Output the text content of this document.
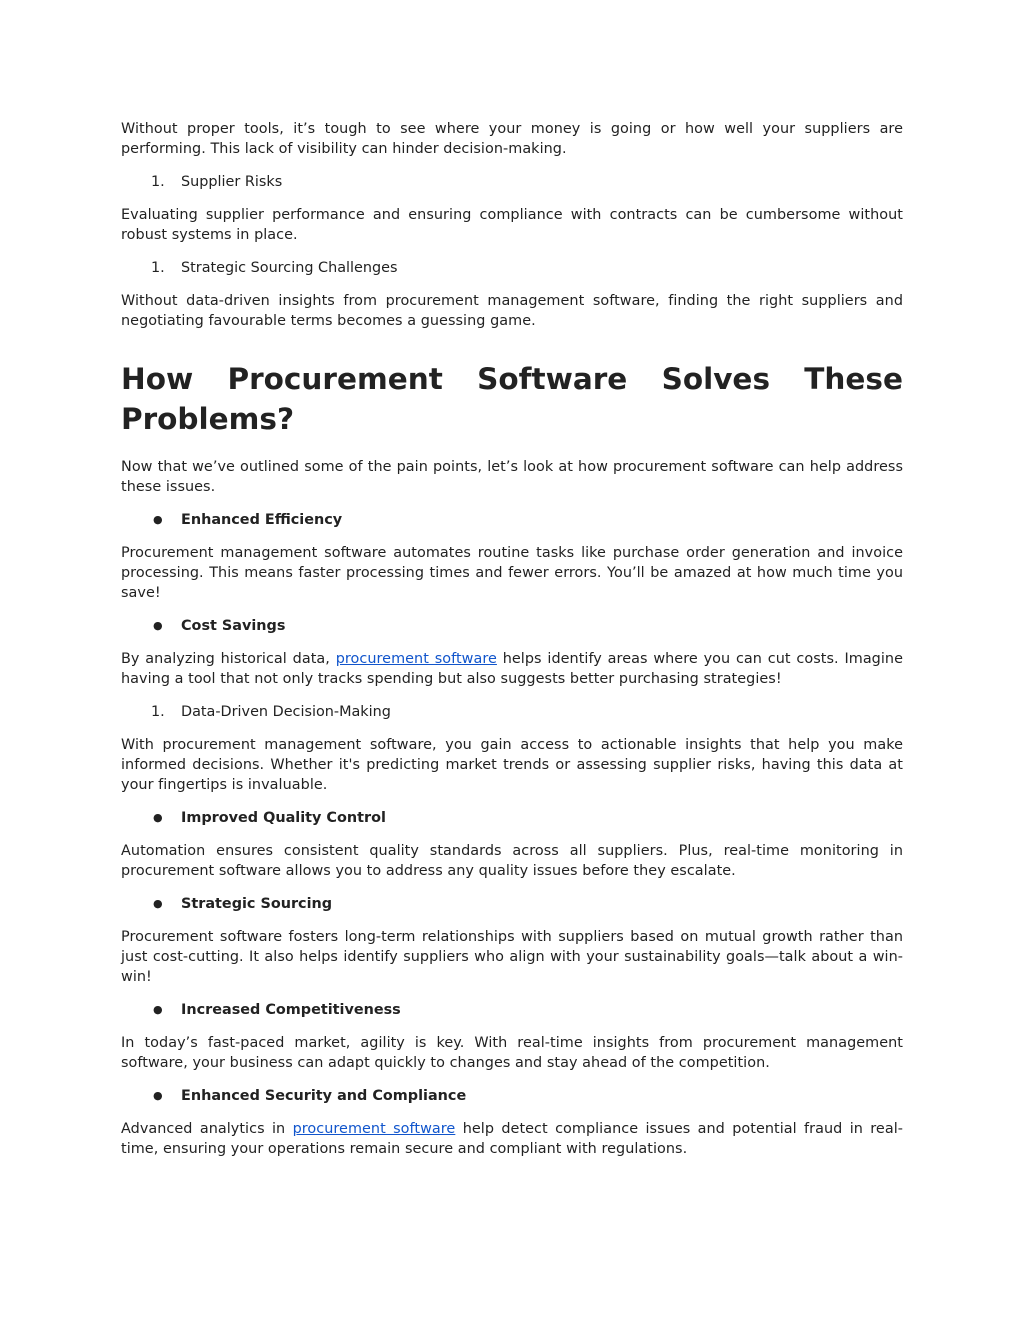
Without proper tools, it’s tough to see where your money is going or how well your suppliers are performing. This lack of visibility can hinder decision-making.

1.	Supplier Risks

Evaluating supplier performance and ensuring compliance with contracts can be cumbersome without robust systems in place.

1.	Strategic Sourcing Challenges

Without data-driven insights from procurement management software, finding the right suppliers and negotiating favourable terms becomes a guessing game.

How Procurement Software Solves These
Problems?

Now that we’ve outlined some of the pain points, let’s look at how procurement software can help address these issues.

●	Enhanced Efficiency

Procurement management software automates routine tasks like purchase order generation and invoice processing. This means faster processing times and fewer errors. You’ll be amazed at how much time you save!

●	Cost Savings

By analyzing historical data, procurement software helps identify areas where you can cut costs. Imagine having a tool that not only tracks spending but also suggests better purchasing strategies!

1.	Data-Driven Decision-Making

With procurement management software, you gain access to actionable insights that help you make informed decisions. Whether it's predicting market trends or assessing supplier risks, having this data at your fingertips is invaluable.

●	Improved Quality Control

Automation ensures consistent quality standards across all suppliers. Plus, real-time monitoring in procurement software allows you to address any quality issues before they escalate.

●	Strategic Sourcing

Procurement software fosters long-term relationships with suppliers based on mutual growth rather than just cost-cutting. It also helps identify suppliers who align with your sustainability goals—talk about a win-win!

●	Increased Competitiveness

In today’s fast-paced market, agility is key. With real-time insights from procurement management software, your business can adapt quickly to changes and stay ahead of the competition.

●	Enhanced Security and Compliance

Advanced analytics in procurement software help detect compliance issues and potential fraud in real-time, ensuring your operations remain secure and compliant with regulations.
